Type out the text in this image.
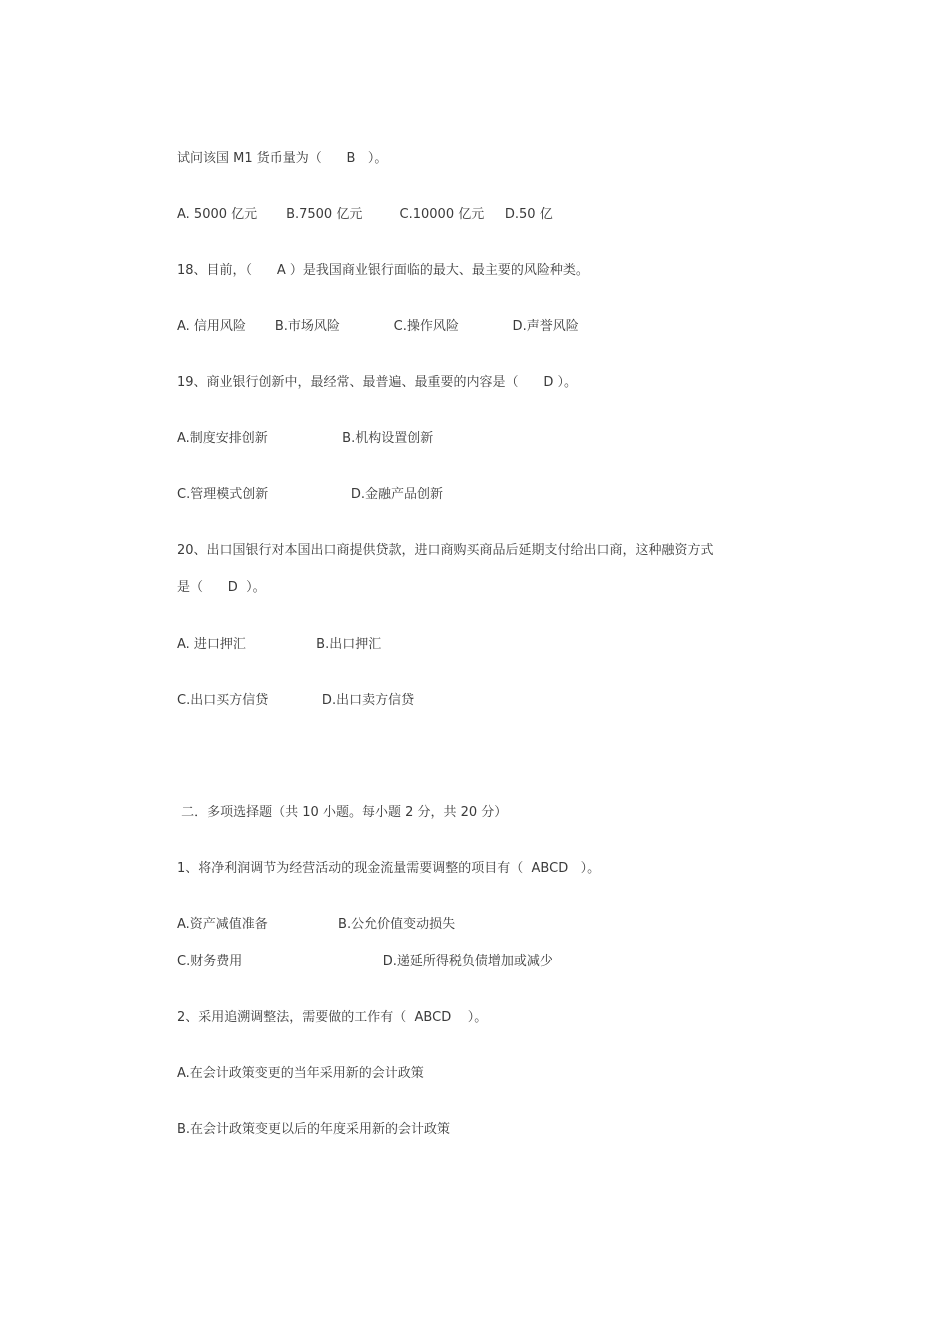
试问该国 M1 货币量为（      B   ）。
A. 5000 亿元       B.7500 亿元         C.10000 亿元     D.50 亿
18、目前，（      A ）是我国商业银行面临的最大、最主要的风险种类。
A. 信用风险       B.市场风险             C.操作风险             D.声誉风险
19、商业银行创新中，最经常、最普遍、最重要的内容是（      D ）。
A.制度安排创新                  B.机构设置创新
C.管理模式创新                    D.金融产品创新
20、出口国银行对本国出口商提供贷款，进口商购买商品后延期支付给出口商，这种融资方式
是（      D  ）。
A. 进口押汇                 B.出口押汇
C.出口买方信贷             D.出口卖方信贷
二．多项选择题（共 10 小题。每小题 2 分，共 20 分）
1、将净利润调节为经营活动的现金流量需要调整的项目有（  ABCD   ）。
A.资产减值准备                 B.公允价值变动损失
C.财务费用                                  D.递延所得税负债增加或减少
2、采用追溯调整法，需要做的工作有（  ABCD    ）。
A.在会计政策变更的当年采用新的会计政策
B.在会计政策变更以后的年度采用新的会计政策
